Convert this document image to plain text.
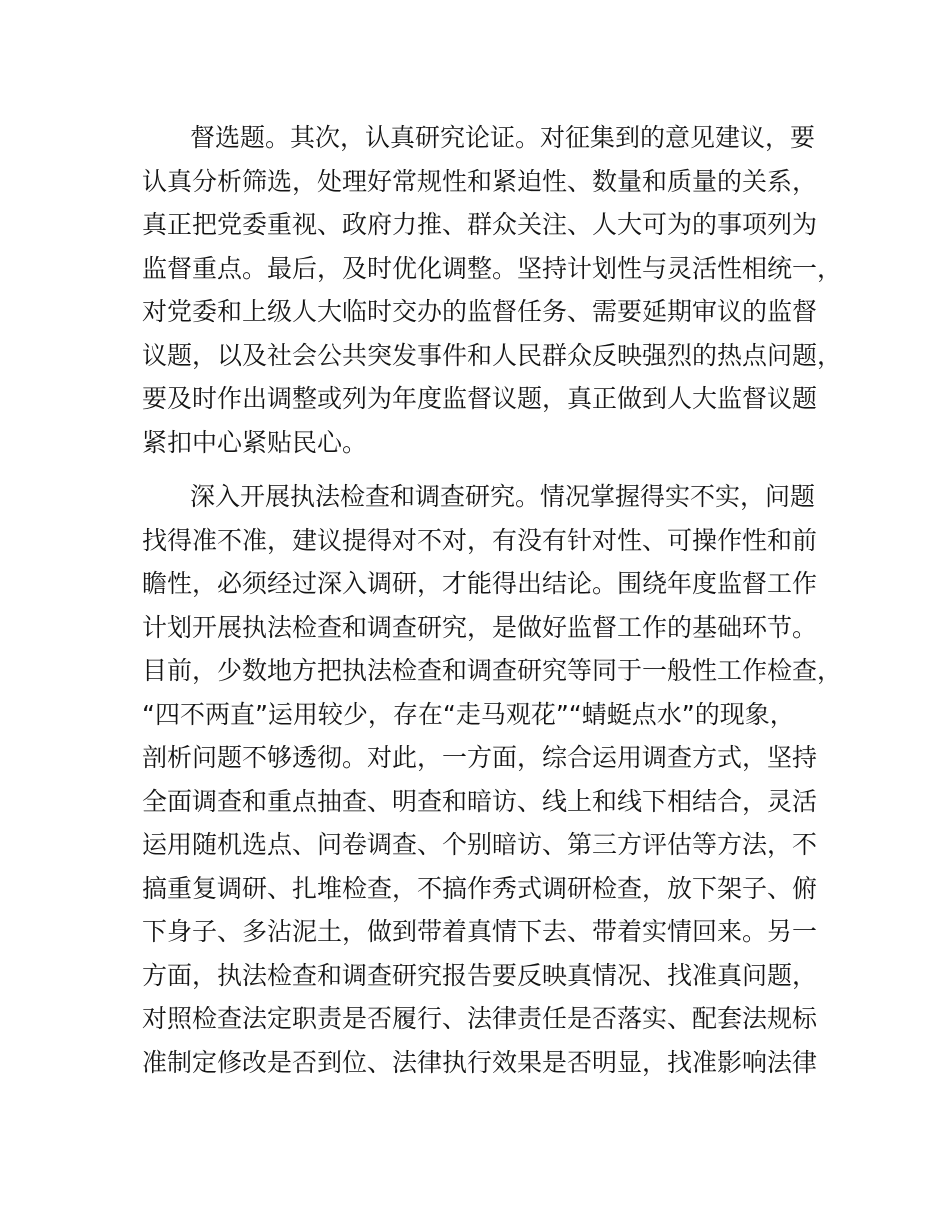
督选题。其次，认真研究论证。对征集到的意见建议，要
认真分析筛选，处理好常规性和紧迫性、数量和质量的关系，
真正把党委重视、政府力推、群众关注、人大可为的事项列为
监督重点。最后，及时优化调整。坚持计划性与灵活性相统一，
对党委和上级人大临时交办的监督任务、需要延期审议的监督
议题，以及社会公共突发事件和人民群众反映强烈的热点问题，
要及时作出调整或列为年度监督议题，真正做到人大监督议题
紧扣中心紧贴民心。

深入开展执法检查和调查研究。情况掌握得实不实，问题
找得准不准，建议提得对不对，有没有针对性、可操作性和前
瞻性，必须经过深入调研，才能得出结论。围绕年度监督工作
计划开展执法检查和调查研究，是做好监督工作的基础环节。
目前，少数地方把执法检查和调查研究等同于一般性工作检查，
“四不两直”运用较少，存在“走马观花”“蜻蜓点水”的现象，
剖析问题不够透彻。对此，一方面，综合运用调查方式，坚持
全面调查和重点抽查、明查和暗访、线上和线下相结合，灵活
运用随机选点、问卷调查、个别暗访、第三方评估等方法，不
搞重复调研、扎堆检查，不搞作秀式调研检查，放下架子、俯
下身子、多沾泥土，做到带着真情下去、带着实情回来。另一
方面，执法检查和调查研究报告要反映真情况、找准真问题，
对照检查法定职责是否履行、法律责任是否落实、配套法规标
准制定修改是否到位、法律执行效果是否明显，找准影响法律
